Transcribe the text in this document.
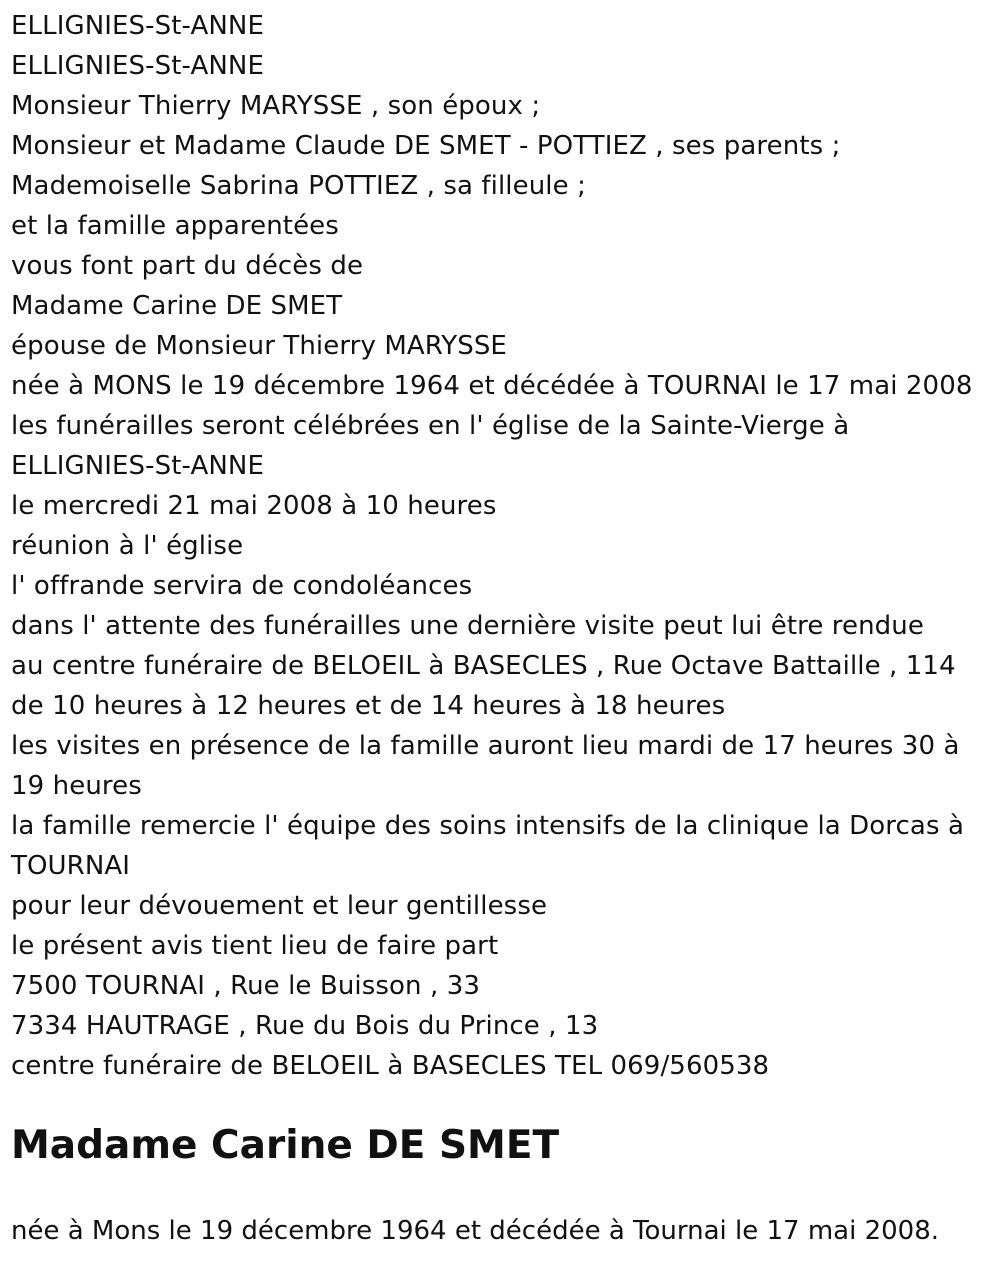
ELLIGNIES-St-ANNE
ELLIGNIES-St-ANNE
Monsieur Thierry MARYSSE , son époux ;
Monsieur et Madame Claude DE SMET - POTTIEZ , ses parents ;
Mademoiselle Sabrina POTTIEZ , sa filleule ;
et la famille apparentées
vous font part du décès de
Madame Carine DE SMET
épouse de Monsieur Thierry MARYSSE
née à MONS le 19 décembre 1964 et décédée à TOURNAI le 17 mai 2008
les funérailles seront célébrées en l' église de la Sainte-Vierge à
ELLIGNIES-St-ANNE
le mercredi 21 mai 2008 à 10 heures
réunion à l' église
l' offrande servira de condoléances
dans l' attente des funérailles une dernière visite peut lui être rendue
au centre funéraire de BELOEIL à BASECLES , Rue Octave Battaille , 114
de 10 heures à 12 heures et de 14 heures à 18 heures
les visites en présence de la famille auront lieu mardi de 17 heures 30 à
19 heures
la famille remercie l' équipe des soins intensifs de la clinique la Dorcas à
TOURNAI
pour leur dévouement et leur gentillesse
le présent avis tient lieu de faire part
7500 TOURNAI , Rue le Buisson , 33
7334 HAUTRAGE , Rue du Bois du Prince , 13
centre funéraire de BELOEIL à BASECLES TEL 069/560538
Madame Carine DE SMET

née à Mons le 19 décembre 1964 et décédée à Tournai le 17 mai 2008.
